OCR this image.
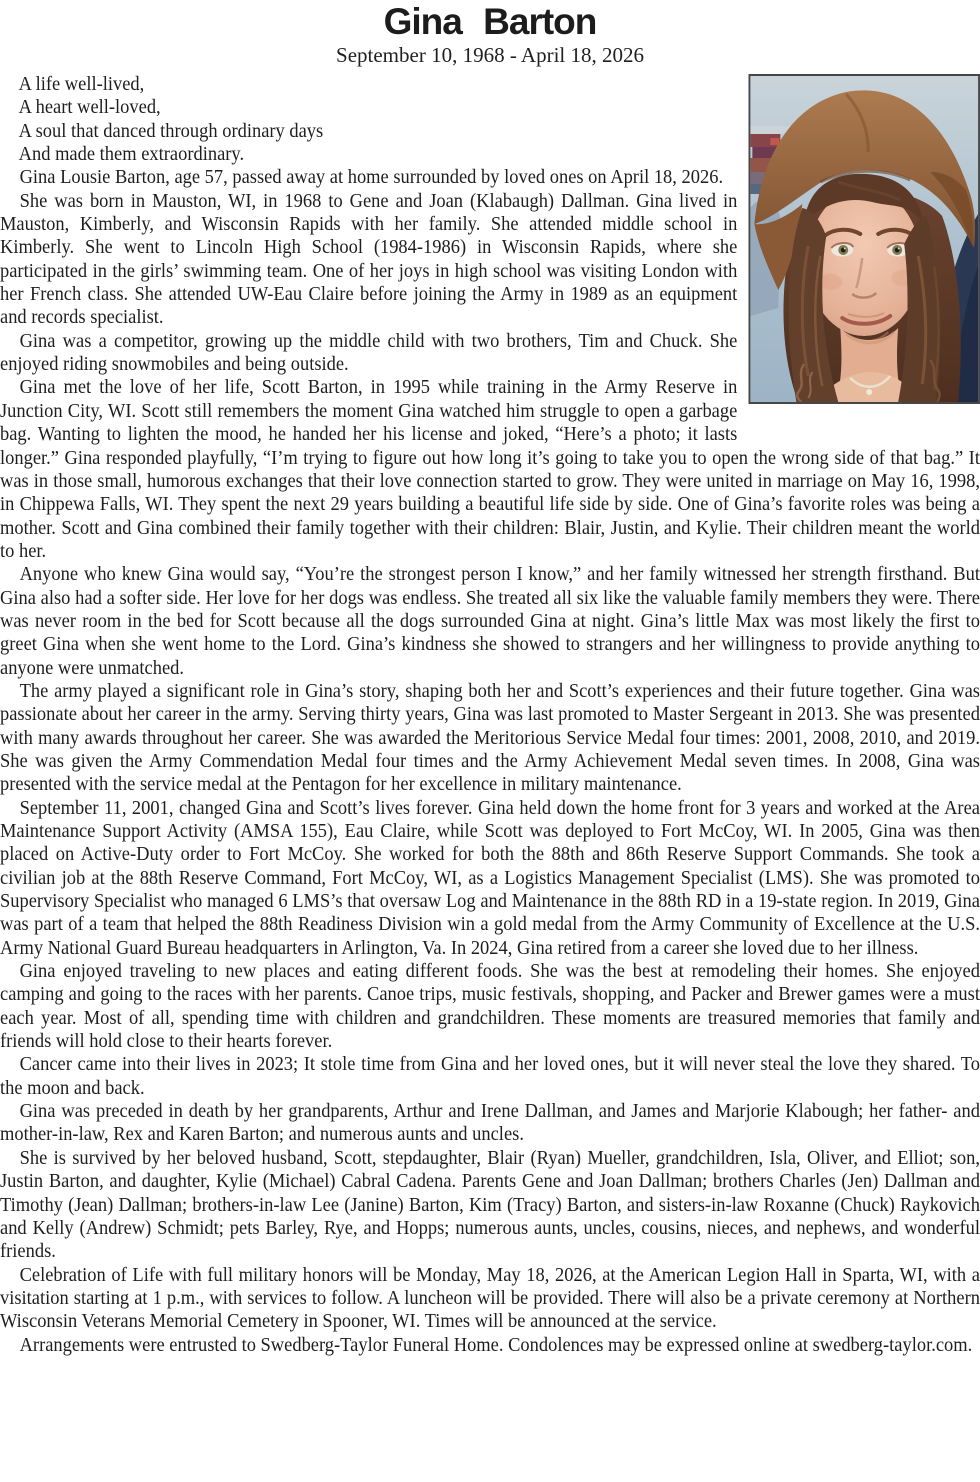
Gina Barton
September 10, 1968 - April 18, 2026
A life well-lived,
A heart well-loved,
A soul that danced through ordinary days
And made them extraordinary.

Gina Lousie Barton, age 57, passed away at home surrounded by loved ones on April 18, 2026.

She was born in Mauston, WI, in 1968 to Gene and Joan (Klabaugh) Dallman. Gina lived in Mauston, Kimberly, and Wisconsin Rapids with her family. She attended middle school in Kimberly. She went to Lincoln High School (1984-1986) in Wisconsin Rapids, where she participated in the girls’ swimming team. One of her joys in high school was visiting London with her French class. She attended UW-Eau Claire before joining the Army in 1989 as an equipment and records specialist.

Gina was a competitor, growing up the middle child with two brothers, Tim and Chuck. She enjoyed riding snowmobiles and being outside.

Gina met the love of her life, Scott Barton, in 1995 while training in the Army Reserve in Junction City, WI. Scott still remembers the moment Gina watched him struggle to open a garbage bag. Wanting to lighten the mood, he handed her his license and joked, “Here’s a photo; it lasts longer.” Gina responded playfully, “I’m trying to figure out how long it’s going to take you to open the wrong side of that bag.” It was in those small, humorous exchanges that their love connection started to grow. They were united in marriage on May 16, 1998, in Chippewa Falls, WI. They spent the next 29 years building a beautiful life side by side. One of Gina’s favorite roles was being a mother. Scott and Gina combined their family together with their children: Blair, Justin, and Kylie. Their children meant the world to her.

Anyone who knew Gina would say, “You’re the strongest person I know,” and her family witnessed her strength firsthand. But Gina also had a softer side. Her love for her dogs was endless. She treated all six like the valuable family members they were. There was never room in the bed for Scott because all the dogs surrounded Gina at night. Gina’s little Max was most likely the first to greet Gina when she went home to the Lord. Gina’s kindness she showed to strangers and her willingness to provide anything to anyone were unmatched.

The army played a significant role in Gina’s story, shaping both her and Scott’s experiences and their future together. Gina was passionate about her career in the army. Serving thirty years, Gina was last promoted to Master Sergeant in 2013. She was presented with many awards throughout her career. She was awarded the Meritorious Service Medal four times: 2001, 2008, 2010, and 2019. She was given the Army Commendation Medal four times and the Army Achievement Medal seven times. In 2008, Gina was presented with the service medal at the Pentagon for her excellence in military maintenance.

September 11, 2001, changed Gina and Scott’s lives forever. Gina held down the home front for 3 years and worked at the Area Maintenance Support Activity (AMSA 155), Eau Claire, while Scott was deployed to Fort McCoy, WI. In 2005, Gina was then placed on Active-Duty order to Fort McCoy. She worked for both the 88th and 86th Reserve Support Commands. She took a civilian job at the 88th Reserve Command, Fort McCoy, WI, as a Logistics Management Specialist (LMS). She was promoted to Supervisory Specialist who managed 6 LMS’s that oversaw Log and Maintenance in the 88th RD in a 19-state region. In 2019, Gina was part of a team that helped the 88th Readiness Division win a gold medal from the Army Community of Excellence at the U.S. Army National Guard Bureau headquarters in Arlington, Va. In 2024, Gina retired from a career she loved due to her illness.

Gina enjoyed traveling to new places and eating different foods. She was the best at remodeling their homes. She enjoyed camping and going to the races with her parents. Canoe trips, music festivals, shopping, and Packer and Brewer games were a must each year. Most of all, spending time with children and grandchildren. These moments are treasured memories that family and friends will hold close to their hearts forever.

Cancer came into their lives in 2023; It stole time from Gina and her loved ones, but it will never steal the love they shared. To the moon and back.

Gina was preceded in death by her grandparents, Arthur and Irene Dallman, and James and Marjorie Klabough; her father- and mother-in-law, Rex and Karen Barton; and numerous aunts and uncles.

She is survived by her beloved husband, Scott, stepdaughter, Blair (Ryan) Mueller, grandchildren, Isla, Oliver, and Elliot; son, Justin Barton, and daughter, Kylie (Michael) Cabral Cadena. Parents Gene and Joan Dallman; brothers Charles (Jen) Dallman and Timothy (Jean) Dallman; brothers-in-law Lee (Janine) Barton, Kim (Tracy) Barton, and sisters-in-law Roxanne (Chuck) Raykovich and Kelly (Andrew) Schmidt; pets Barley, Rye, and Hopps; numerous aunts, uncles, cousins, nieces, and nephews, and wonderful friends.

Celebration of Life with full military honors will be Monday, May 18, 2026, at the American Legion Hall in Sparta, WI, with a visitation starting at 1 p.m., with services to follow. A luncheon will be provided. There will also be a private ceremony at Northern Wisconsin Veterans Memorial Cemetery in Spooner, WI. Times will be announced at the service.

Arrangements were entrusted to Swedberg-Taylor Funeral Home. Condolences may be expressed online at swedberg-taylor.com.
